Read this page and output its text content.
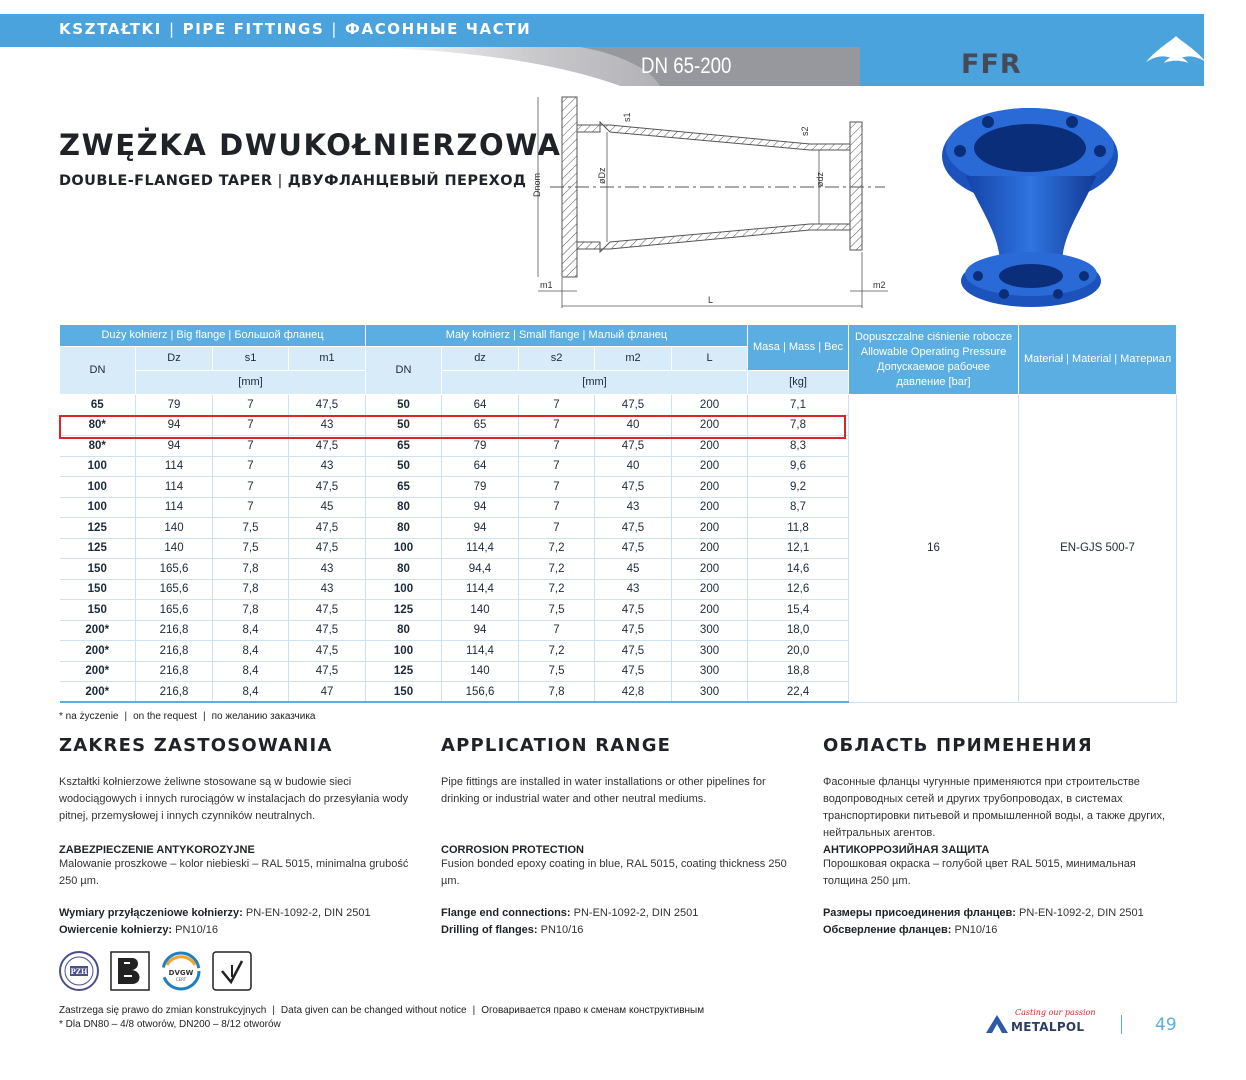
KSZTAŁTKI | PIPE FITTINGS | ФАСОННЫЕ ЧАСТИ
DN 65-200	FFR
ZWĘŻKA DWUKOŁNIERZOWA
DOUBLE-FLANGED TAPER | ДВУФЛАНЦЕВЫЙ ПЕРЕХОД Dnom	øDz
s1
s2
ødz
m1	m2
L
Duży kołnierz | Big flange | Большой фланец				Mały kołnierz | Small flange | Малый фланец					Masa | Mass | Вес	Dopuszczalne ciśnienie robocze Allowable Operating Pressure Допускаемое рабочее давление [bar]	Materiał | Material | Материал
DN	Dz	s1	m1	DN	dz	s2	m2	L			
	[mm]				[mm]				[kg]		
65	79	7	47,5	50	64	7	47,5	200	7,1	16	EN-GJS 500-7
80*	94	7	43	50	65	7	40	200	7,8		
80*	94	7	47,5	65	79	7	47,5	200	8,3		
100	114	7	43	50	64	7	40	200	9,6		
100	114	7	47,5	65	79	7	47,5	200	9,2		
100	114	7	45	80	94	7	43	200	8,7		
125	140	7,5	47,5	80	94	7	47,5	200	11,8		
125	140	7,5	47,5	100	114,4	7,2	47,5	200	12,1		
150	165,6	7,8	43	80	94,4	7,2	45	200	14,6		
150	165,6	7,8	43	100	114,4	7,2	43	200	12,6		
150	165,6	7,8	47,5	125	140	7,5	47,5	200	15,4		
200*	216,8	8,4	47,5	80	94	7	47,5	300	18,0		
200*	216,8	8,4	47,5	100	114,4	7,2	47,5	300	20,0		
200*	216,8	8,4	47,5	125	140	7,5	47,5	300	18,8		
200*	216,8	8,4	47	150	156,6	7,8	42,8	300	22,4		
* na życzenie | on the request | по желанию заказчика
ZAKRES ZASTOSOWANIA

Kształtki kołnierzowe żeliwne stosowane są w budowie sieci wodociągowych i innych rurociągów w instalacjach do przesyłania wody pitnej, przemysłowej i innych czynników neutralnych.

ZABEZPIECZENIE ANTYKOROZYJNE
Malowanie proszkowe – kolor niebieski – RAL 5015, minimalna grubość 250 µm.
Wymiary przyłączeniowe kołnierzy: PN-EN-1092-2, DIN 2501
Owiercenie kołnierzy: PN10/16
APPLICATION RANGE

Pipe fittings are installed in water installations or other pipelines for drinking or industrial water and other neutral mediums.

CORROSION PROTECTION
Fusion bonded epoxy coating in blue, RAL 5015, coating thickness 250 µm.
Flange end connections: PN-EN-1092-2, DIN 2501
Drilling of flanges: PN10/16
ОБЛАСТЬ ПРИМЕНЕНИЯ

Фасонные фланцы чугунные применяются при строительстве водопроводных сетей и других трубопроводах, в системах транспортировки питьевой и промышленной воды, а также других, нейтральных агентов.

АНТИКОРРОЗИЙНАЯ ЗАЩИТА
Порошковая окраска – голубой цвет RAL 5015, минимальная толщина 250 µm.
Размеры присоединения фланцев: PN-EN-1092-2, DIN 2501
Обсверление фланцев: PN10/16
PZH	DVGW
CERT
Zastrzega się prawo do zmian konstrukcyjnych | Data given can be changed without notice | Оговаривается право к сменам конструктивным
* Dla DN80 – 4/8 otworów, DN200 – 8/12 otworów
Casting our passion
METALPOL	49
